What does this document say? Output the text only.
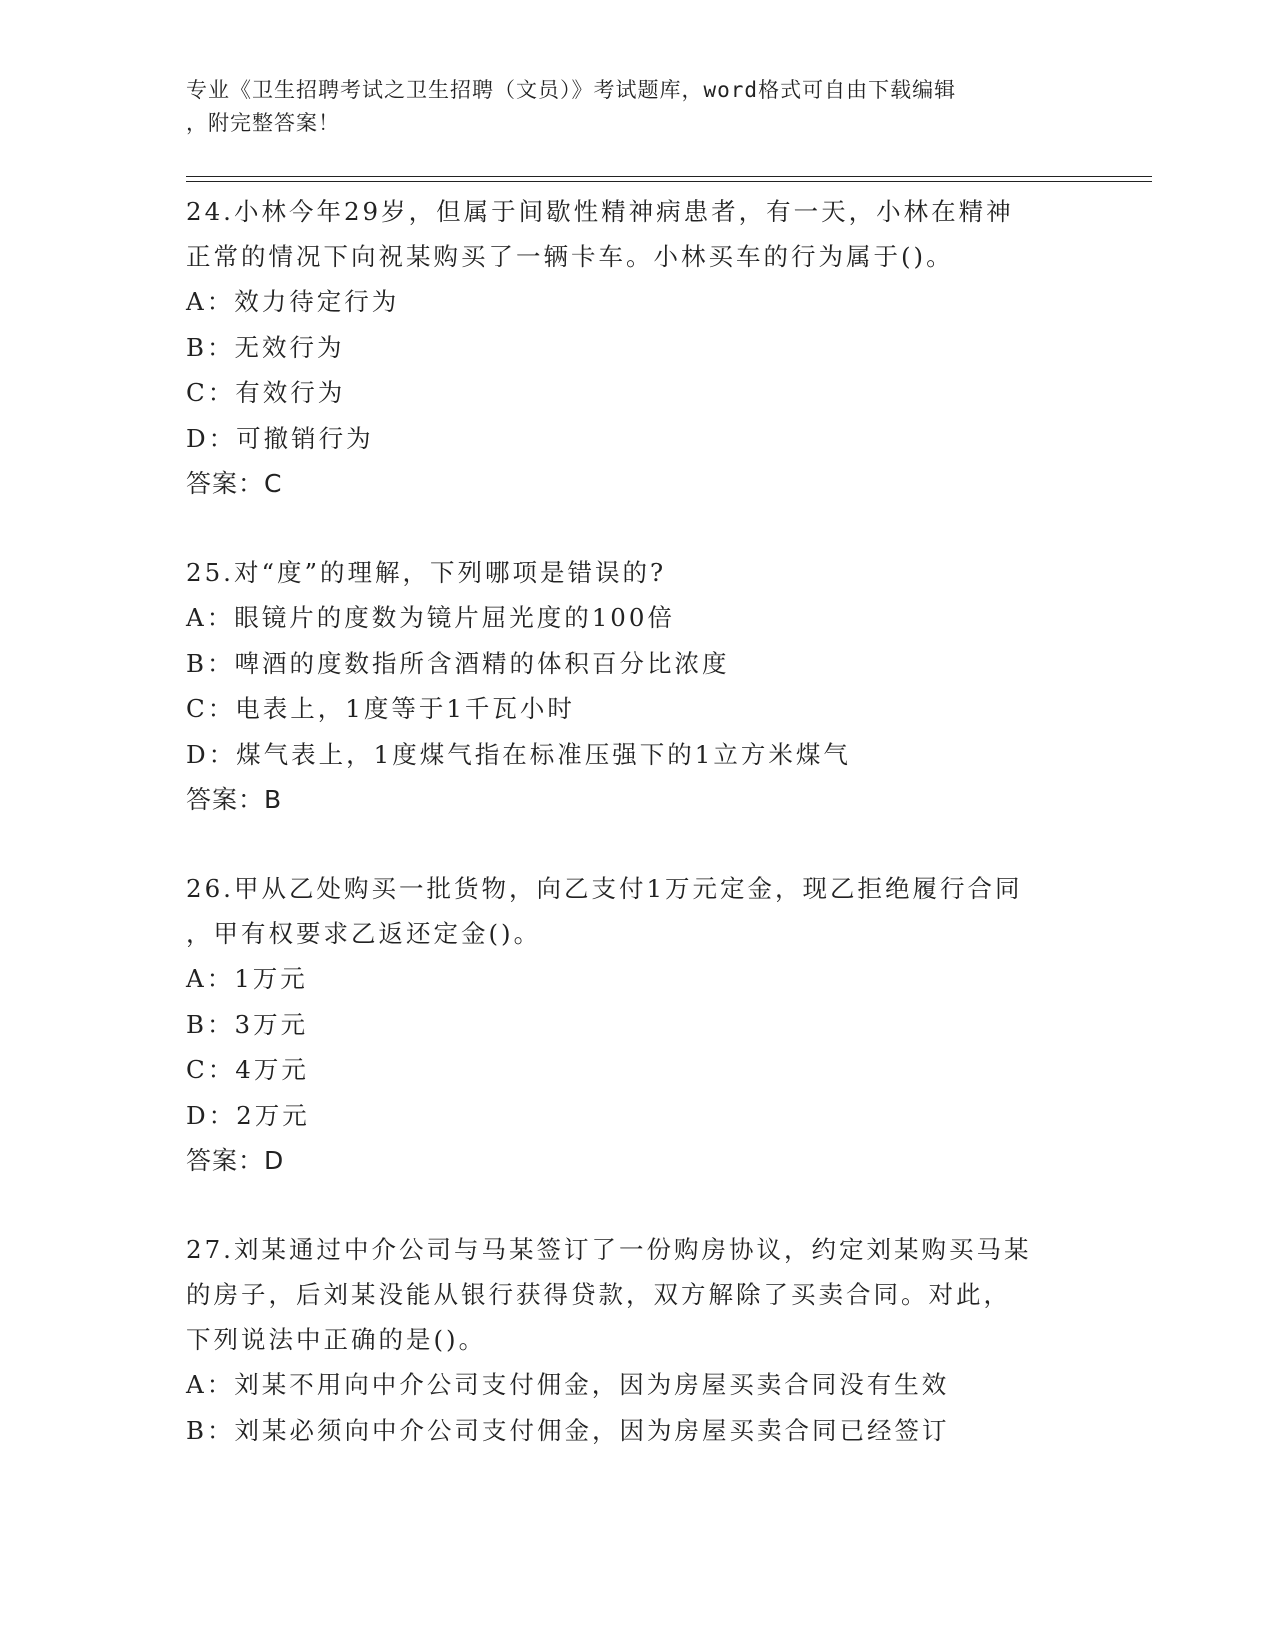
专业《卫生招聘考试之卫生招聘（文员）》考试题库，word格式可自由下载编辑
，附完整答案！
24.小林今年29岁，但属于间歇性精神病患者，有一天，小林在精神
正常的情况下向祝某购买了一辆卡车。小林买车的行为属于()。
A：效力待定行为
B：无效行为
C：有效行为
D：可撤销行为
答案：C
25.对“度”的理解，下列哪项是错误的?
A：眼镜片的度数为镜片屈光度的100倍
B：啤酒的度数指所含酒精的体积百分比浓度
C：电表上，1度等于1千瓦小时
D：煤气表上，1度煤气指在标准压强下的1立方米煤气
答案：B
26.甲从乙处购买一批货物，向乙支付1万元定金，现乙拒绝履行合同
，甲有权要求乙返还定金()。
A：1万元
B：3万元
C：4万元
D：2万元
答案：D
27.刘某通过中介公司与马某签订了一份购房协议，约定刘某购买马某
的房子，后刘某没能从银行获得贷款，双方解除了买卖合同。对此，
下列说法中正确的是()。
A：刘某不用向中介公司支付佣金，因为房屋买卖合同没有生效
B：刘某必须向中介公司支付佣金，因为房屋买卖合同已经签订
